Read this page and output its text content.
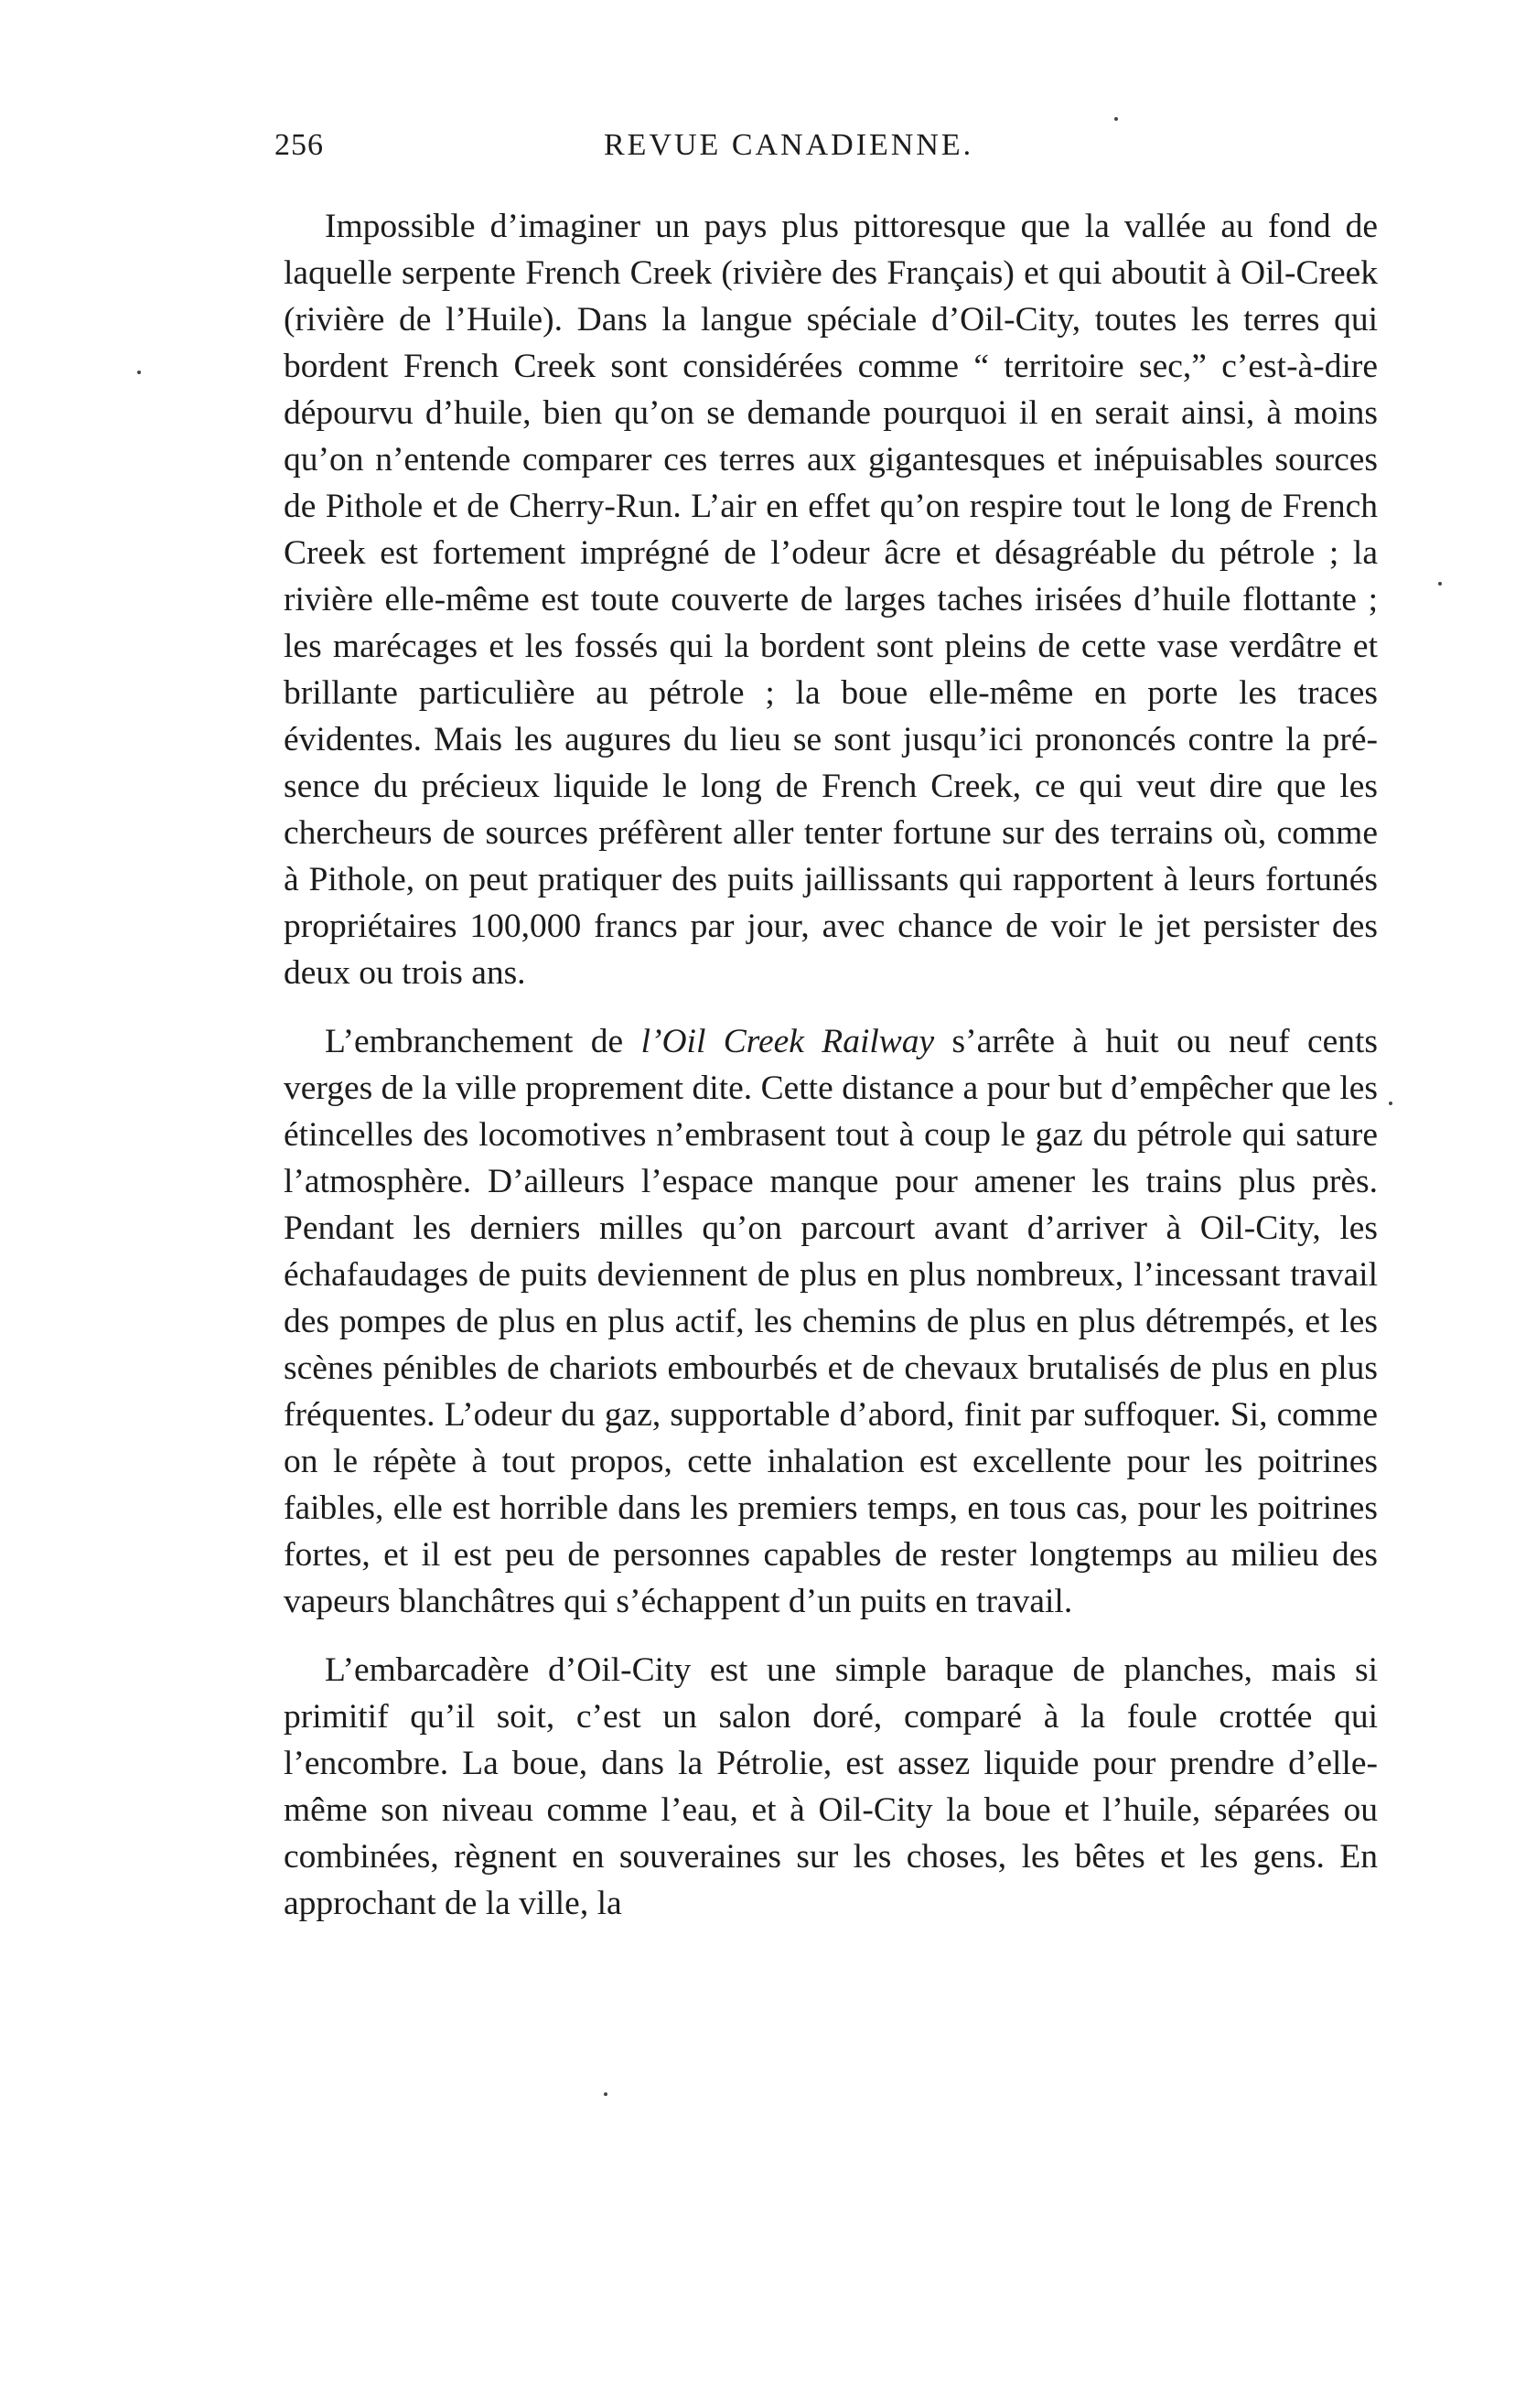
256	REVUE CANADIENNE.

Impossible d’imaginer un pays plus pittoresque que la vallée au fond de laquelle serpente French Creek (rivière des Français) et qui aboutit à Oil-Creek (rivière de l’Huile). Dans la langue spéciale d’Oil-City, toutes les terres qui bordent French Creek sont considérées comme “ territoire sec,” c’est-à-dire dépourvu d’huile, bien qu’on se demande pourquoi il en serait ainsi, à moins qu’on n’entende comparer ces terres aux gigantesques et inépuisables sources de Pithole et de Cherry-Run. L’air en effet qu’on respire tout le long de French Creek est fortement imprégné de l’odeur âcre et désagréable du pétrole ; la rivière elle-même est toute couverte de larges taches irisées d’huile flottante ; les marécages et les fossés qui la bordent sont pleins de cette vase verdâtre et brillante particulière au pétrole ; la boue elle-même en porte les traces évidentes. Mais les augures du lieu se sont jusqu’ici prononcés contre la présence du précieux liquide le long de French Creek, ce qui veut dire que les chercheurs de sources préfèrent aller tenter fortune sur des terrains où, comme à Pithole, on peut pratiquer des puits jaillissants qui rapportent à leurs fortunés propriétaires 100,000 francs par jour, avec chance de voir le jet persister des deux ou trois ans.

L’embranchement de l’Oil Creek Railway s’arrête à huit ou neuf cents verges de la ville proprement dite. Cette distance a pour but d’empêcher que les étincelles des locomotives n’embrasent tout à coup le gaz du pétrole qui sature l’atmosphère. D’ailleurs l’espace manque pour amener les trains plus près. Pendant les derniers milles qu’on parcourt avant d’arriver à Oil-City, les échafaudages de puits deviennent de plus en plus nombreux, l’incessant travail des pompes de plus en plus actif, les chemins de plus en plus détrempés, et les scènes pénibles de chariots embourbés et de chevaux brutalisés de plus en plus fréquentes. L’odeur du gaz, supportable d’abord, finit par suffoquer. Si, comme on le répète à tout propos, cette inhalation est excellente pour les poitrines faibles, elle est horrible dans les premiers temps, en tous cas, pour les poitrines fortes, et il est peu de personnes capables de rester longtemps au milieu des vapeurs blanchâtres qui s’échappent d’un puits en travail.

L’embarcadère d’Oil-City est une simple baraque de planches, mais si primitif qu’il soit, c’est un salon doré, comparé à la foule crottée qui l’encombre. La boue, dans la Pétrolie, est assez liquide pour prendre d’elle-même son niveau comme l’eau, et à Oil-City la boue et l’huile, séparées ou combinées, règnent en souveraines sur les choses, les bêtes et les gens. En approchant de la ville, la
